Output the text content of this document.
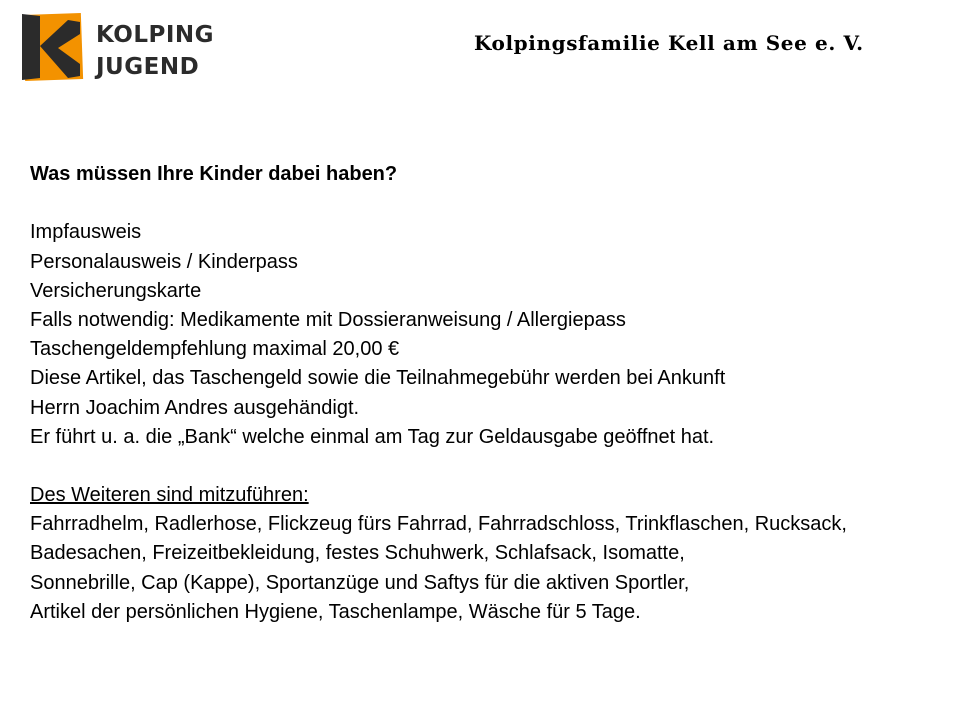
KOLPING
JUGEND
Kolpingsfamilie Kell am See e. V.
Was müssen Ihre Kinder dabei haben?
Impfausweis
Personalausweis / Kinderpass
Versicherungskarte
Falls notwendig: Medikamente mit Dossieranweisung / Allergiepass
Taschengeldempfehlung maximal 20,00 €
Diese Artikel, das Taschengeld sowie die Teilnahmegebühr werden bei Ankunft
Herrn Joachim Andres ausgehändigt.
Er führt u. a. die „Bank“ welche einmal am Tag zur Geldausgabe geöffnet hat.
Des Weiteren sind mitzuführen:
Fahrradhelm, Radlerhose, Flickzeug fürs Fahrrad, Fahrradschloss, Trinkflaschen, Rucksack,
Badesachen, Freizeitbekleidung, festes Schuhwerk, Schlafsack, Isomatte,
Sonnebrille, Cap (Kappe), Sportanzüge und Saftys für die aktiven Sportler,
Artikel der persönlichen Hygiene, Taschenlampe, Wäsche für 5 Tage.
